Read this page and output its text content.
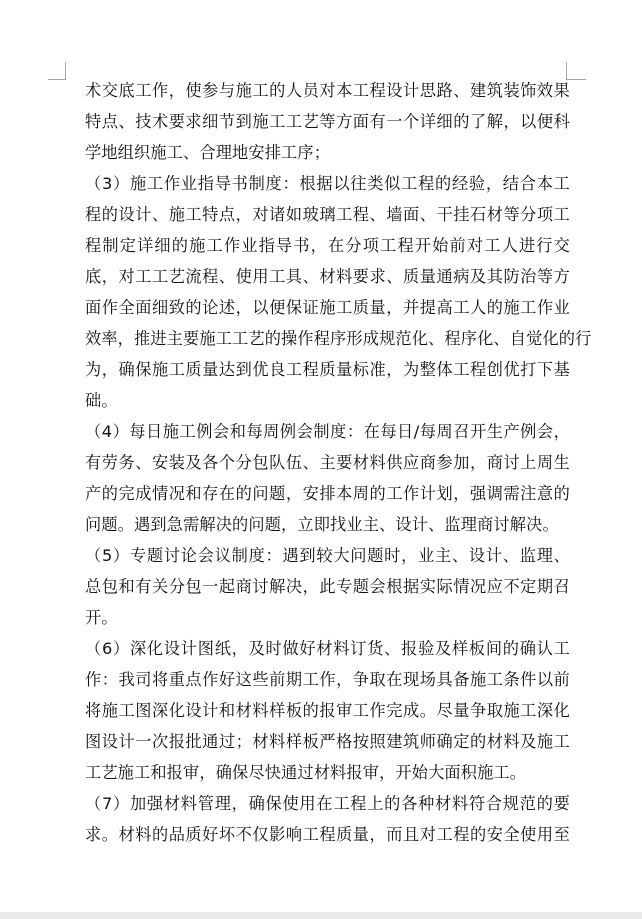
术交底工作，使参与施工的人员对本工程设计思路、建筑装饰效果
特点、技术要求细节到施工工艺等方面有一个详细的了解，以便科
学地组织施工、合理地安排工序；
（3）施工作业指导书制度：根据以往类似工程的经验，结合本工
程的设计、施工特点，对诸如玻璃工程、墙面、干挂石材等分项工
程制定详细的施工作业指导书，在分项工程开始前对工人进行交
底，对工工艺流程、使用工具、材料要求、质量通病及其防治等方
面作全面细致的论述，以便保证施工质量，并提高工人的施工作业
效率，推进主要施工工艺的操作程序形成规范化、程序化、自觉化的行
为，确保施工质量达到优良工程质量标准，为整体工程创优打下基
础。
（4）每日施工例会和每周例会制度：在每日/每周召开生产例会，
有劳务、安装及各个分包队伍、主要材料供应商参加，商讨上周生
产的完成情况和存在的问题，安排本周的工作计划，强调需注意的
问题。遇到急需解决的问题，立即找业主、设计、监理商讨解决。
（5）专题讨论会议制度：遇到较大问题时，业主、设计、监理、
总包和有关分包一起商讨解决，此专题会根据实际情况应不定期召
开。
（6）深化设计图纸，及时做好材料订货、报验及样板间的确认工
作：我司将重点作好这些前期工作，争取在现场具备施工条件以前
将施工图深化设计和材料样板的报审工作完成。尽量争取施工深化
图设计一次报批通过；材料样板严格按照建筑师确定的材料及施工
工艺施工和报审，确保尽快通过材料报审，开始大面积施工。
（7）加强材料管理，确保使用在工程上的各种材料符合规范的要
求。材料的品质好坏不仅影响工程质量，而且对工程的安全使用至
